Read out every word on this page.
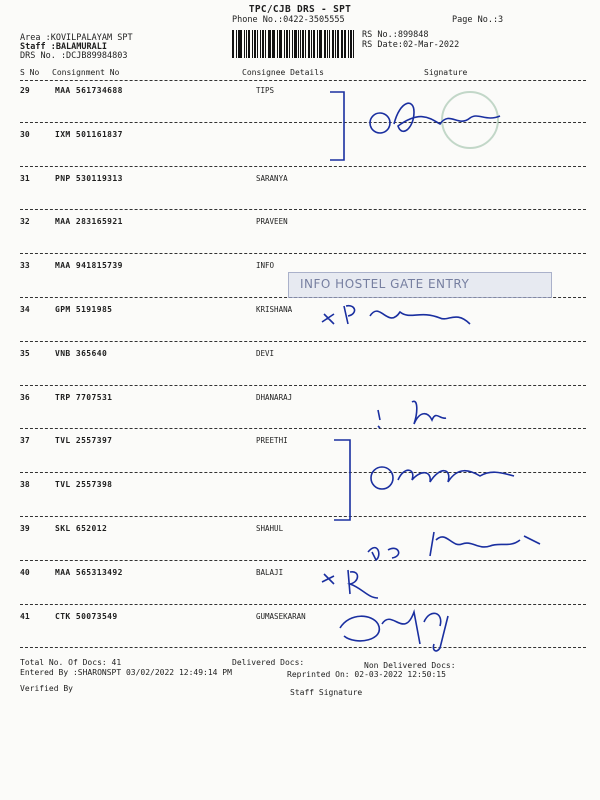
TPC/CJB DRS - SPT
Phone No.:0422-3505555	Page No.:3
Area :KOVILPALAYAM SPT
Staff :BALAMURALI
DRS No. :DCJB89984803
RS No.:899848
RS Date:02-Mar-2022
S No Consignment No	Consignee Details	Signature
29	MAA 561734688	TIPS
30	IXM 501161837
31	PNP 530119313	SARANYA
32	MAA 283165921	PRAVEEN
33	MAA 941815739	INFO
34	GPM 5191985	KRISHANA
35	VNB 365640	DEVI
36	TRP 7707531	DHANARAJ
37	TVL 2557397	PREETHI
38	TVL 2557398
39	SKL 652012	SHAHUL
40	MAA 565313492	BALAJI
41	CTK 50073549	GUMASEKARAN
INFO HOSTEL GATE ENTRY
10
2
M.Sufas 7004344901
Vinee Tm 9629029090
8056839384
N.Ramesh
9843698011
6378887813
20
2
9994414956
9939815917
638873350
22
9848281B
28
Total No. Of Docs: 41	Delivered Docs:	Non Delivered Docs:
Entered By :SHARONSPT 03/02/2022 12:49:14 PM	Reprinted On: 02-03-2022 12:50:15
Verified By	Staff Signature
